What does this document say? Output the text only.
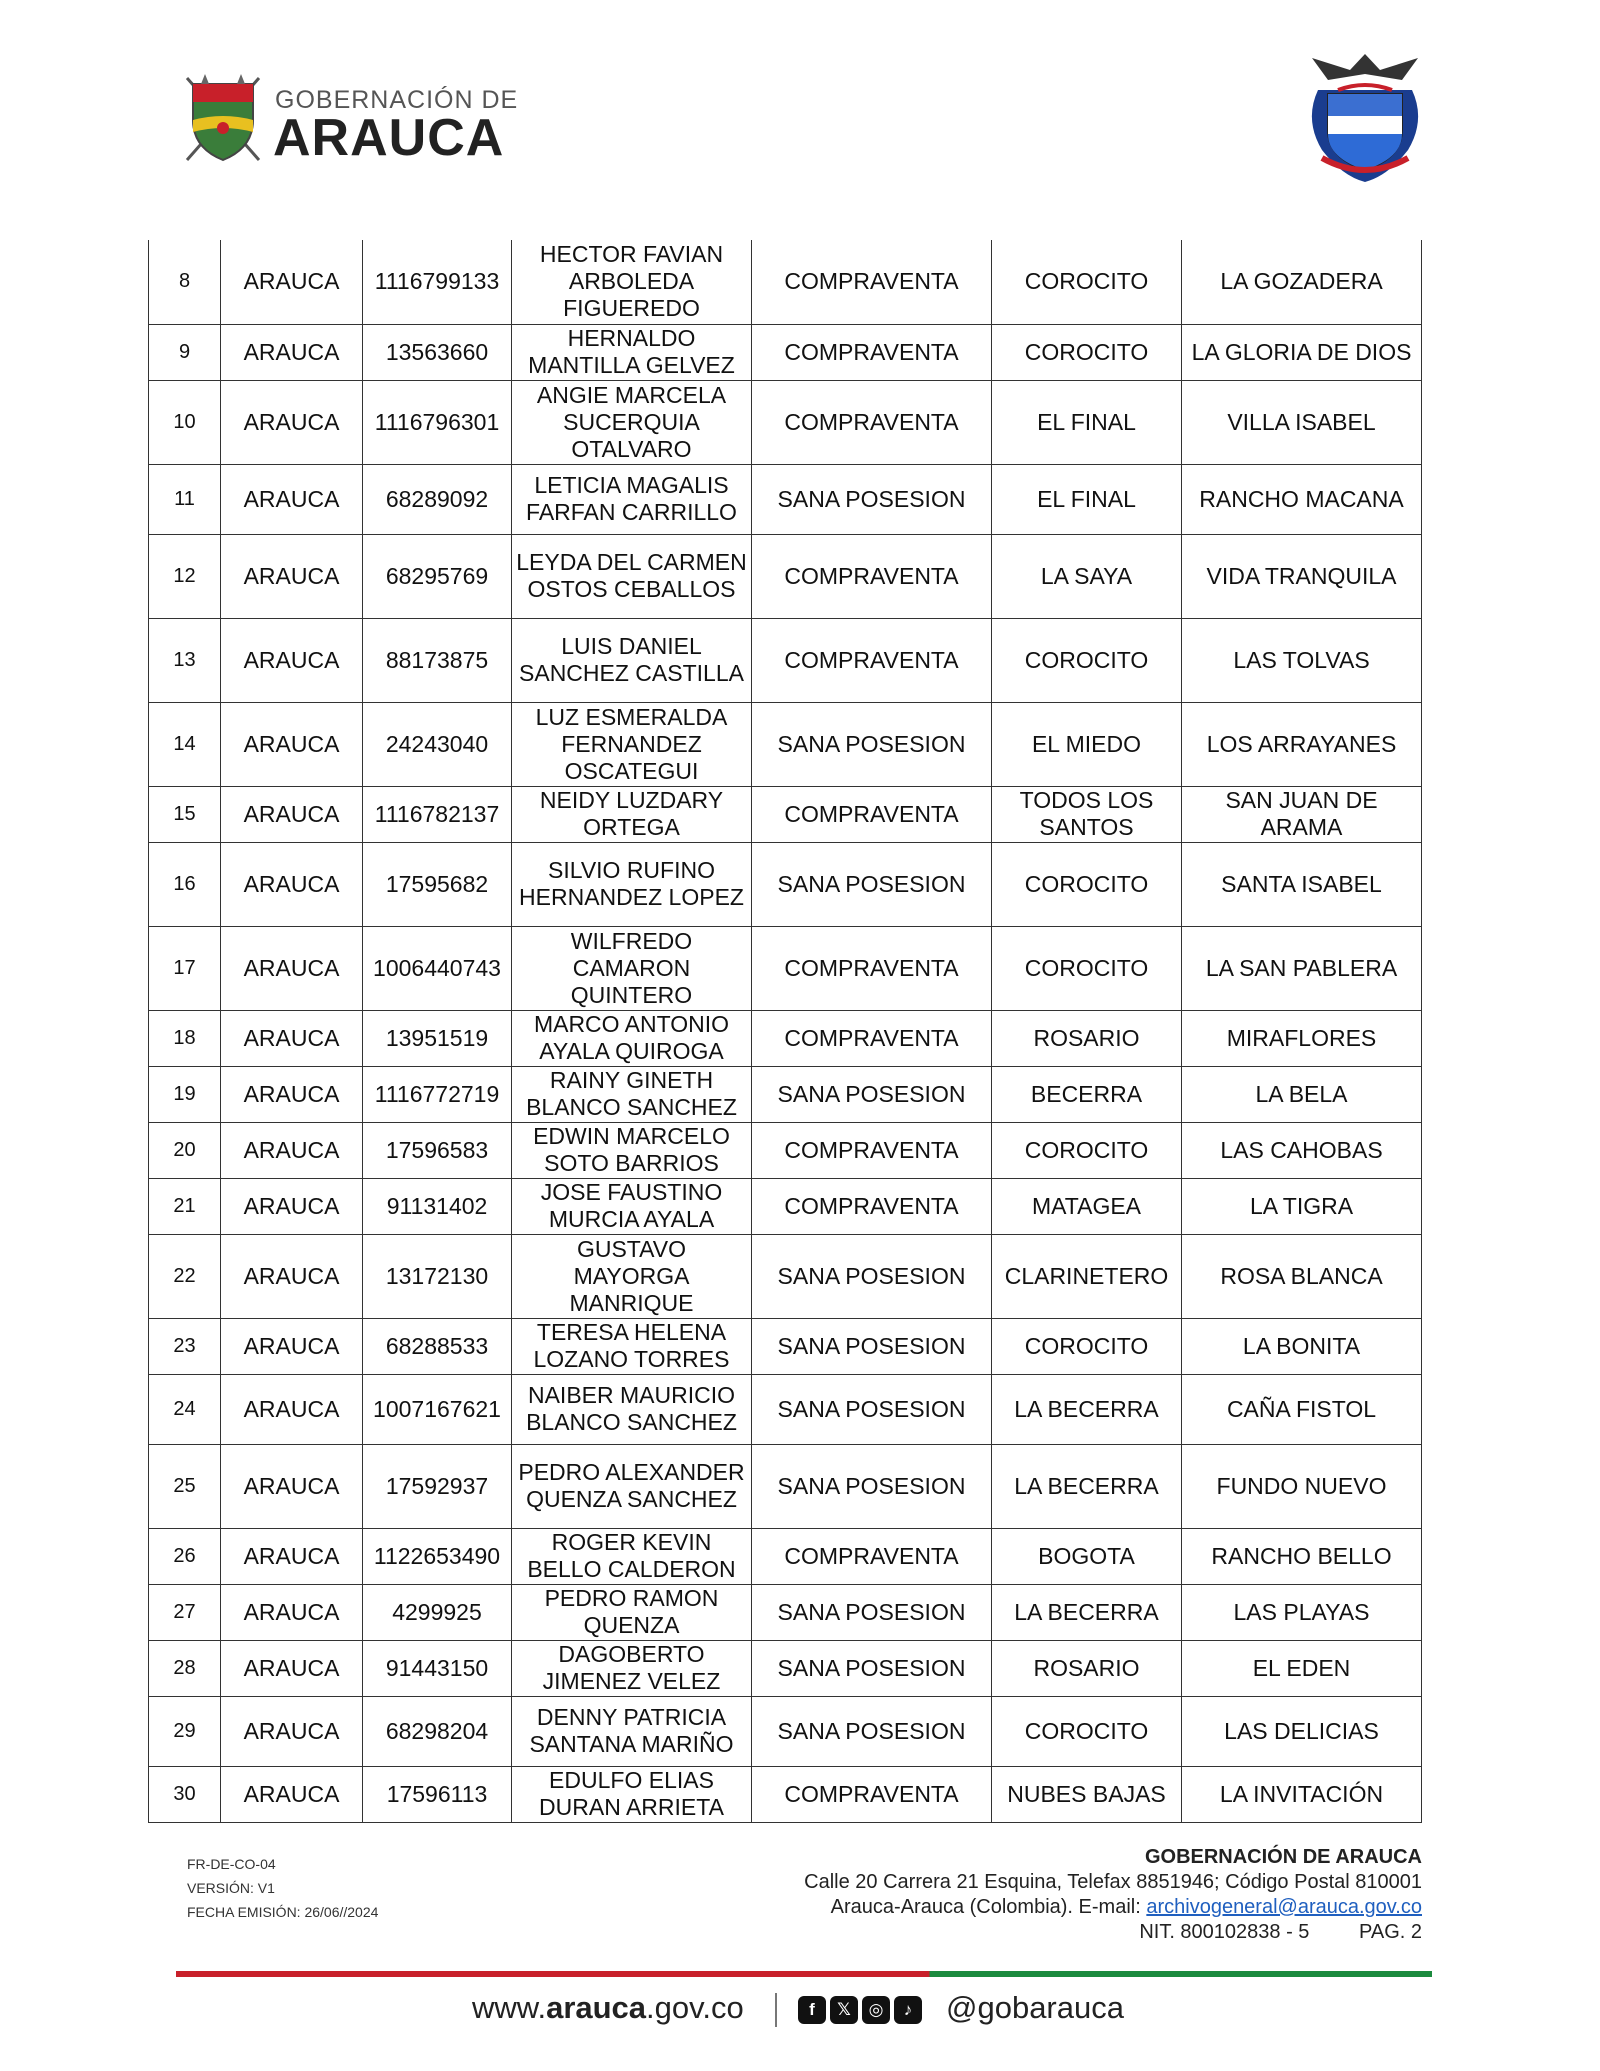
GOBERNACIÓN DE
ARAUCA
8	ARAUCA	1116799133	HECTOR FAVIAN ARBOLEDA FIGUEREDO	COMPRAVENTA	COROCITO	LA GOZADERA
9	ARAUCA	13563660	HERNALDO MANTILLA GELVEZ	COMPRAVENTA	COROCITO	LA GLORIA DE DIOS
10	ARAUCA	1116796301	ANGIE MARCELA SUCERQUIA OTALVARO	COMPRAVENTA	EL FINAL	VILLA ISABEL
11	ARAUCA	68289092	LETICIA MAGALIS FARFAN CARRILLO	SANA POSESION	EL FINAL	RANCHO MACANA
12	ARAUCA	68295769	LEYDA DEL CARMEN OSTOS CEBALLOS	COMPRAVENTA	LA SAYA	VIDA TRANQUILA
13	ARAUCA	88173875	LUIS DANIEL SANCHEZ CASTILLA	COMPRAVENTA	COROCITO	LAS TOLVAS
14	ARAUCA	24243040	LUZ ESMERALDA FERNANDEZ OSCATEGUI	SANA POSESION	EL MIEDO	LOS ARRAYANES
15	ARAUCA	1116782137	NEIDY LUZDARY ORTEGA	COMPRAVENTA	TODOS LOS SANTOS	SAN JUAN DE ARAMA
16	ARAUCA	17595682	SILVIO RUFINO HERNANDEZ LOPEZ	SANA POSESION	COROCITO	SANTA ISABEL
17	ARAUCA	1006440743	WILFREDO CAMARON QUINTERO	COMPRAVENTA	COROCITO	LA SAN PABLERA
18	ARAUCA	13951519	MARCO ANTONIO AYALA QUIROGA	COMPRAVENTA	ROSARIO	MIRAFLORES
19	ARAUCA	1116772719	RAINY GINETH BLANCO SANCHEZ	SANA POSESION	BECERRA	LA BELA
20	ARAUCA	17596583	EDWIN MARCELO SOTO BARRIOS	COMPRAVENTA	COROCITO	LAS CAHOBAS
21	ARAUCA	91131402	JOSE FAUSTINO MURCIA AYALA	COMPRAVENTA	MATAGEA	LA TIGRA
22	ARAUCA	13172130	GUSTAVO MAYORGA MANRIQUE	SANA POSESION	CLARINETERO	ROSA BLANCA
23	ARAUCA	68288533	TERESA HELENA LOZANO TORRES	SANA POSESION	COROCITO	LA BONITA
24	ARAUCA	1007167621	NAIBER MAURICIO BLANCO SANCHEZ	SANA POSESION	LA BECERRA	CAÑA FISTOL
25	ARAUCA	17592937	PEDRO ALEXANDER QUENZA SANCHEZ	SANA POSESION	LA BECERRA	FUNDO NUEVO
26	ARAUCA	1122653490	ROGER KEVIN BELLO CALDERON	COMPRAVENTA	BOGOTA	RANCHO BELLO
27	ARAUCA	4299925	PEDRO RAMON QUENZA	SANA POSESION	LA BECERRA	LAS PLAYAS
28	ARAUCA	91443150	DAGOBERTO JIMENEZ VELEZ	SANA POSESION	ROSARIO	EL EDEN
29	ARAUCA	68298204	DENNY PATRICIA SANTANA MARIÑO	SANA POSESION	COROCITO	LAS DELICIAS
30	ARAUCA	17596113	EDULFO ELIAS DURAN ARRIETA	COMPRAVENTA	NUBES BAJAS	LA INVITACIÓN
FR-DE-CO-04
VERSIÓN: V1
FECHA EMISIÓN: 26/06//2024
GOBERNACIÓN DE ARAUCA
Calle 20 Carrera 21 Esquina, Telefax 8851946; Código Postal 810001
Arauca-Arauca (Colombia). E-mail: archivogeneral@arauca.gov.co
NIT. 800102838 - 5 PAG. 2
www.arauca.gov.co	f	𝕏	◎	♪	@gobarauca
